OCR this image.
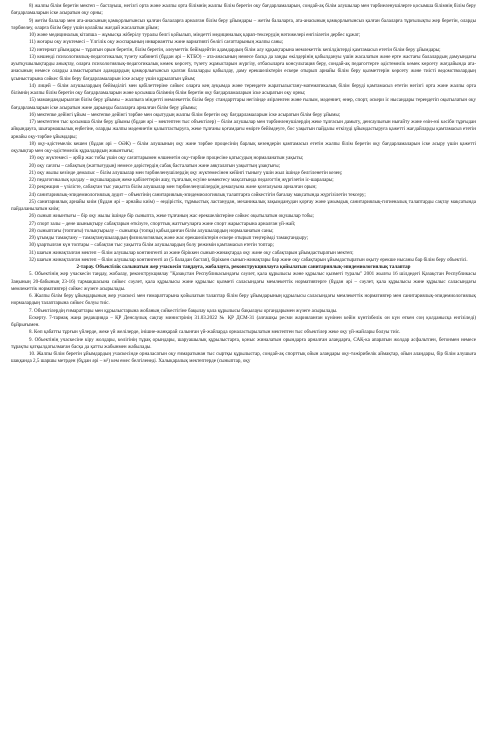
8) жалпы білім беретін мектеп – бастауыш, негізгі орта және жалпы орта білімнің жалпы білім беретін оқу бағдарламаларын, сондай-ақ білім алушылар мен тәрбиеленушілерге қосымша білімнің білім беру бағдарламаларын іске асыратын оқу орны;

9) жетім балалар мен ата-анасының қамқорлығынсыз қалған балаларға арналған білім беру ұйымдары – жетім балаларға, ата-анасының қамқорлығынсыз қалған балаларға тұрғылықты жер беретін, оларды тәрбиелеу, оларға білім беру үшін қолайлы жағдай жасалатын ұйым;

10) және медициналық кітапша – жұмысқа жіберілу туралы белгі қойылып, міндетті медициналық қарап-тексерудің нәтижелері енгізілетін дербес құжат;

11) жоғары оқу жүктемесі – Үлгілік оқу жоспарының инвариантты және вариативті бөлігі сағаттарының жалпы саны;

12) интернат ұйымдары – тұратын орын беретін, білім беретін, әлеуметтік бейімдейтін адамдардың білім алу құқықтарына мемлекеттік кепілдіктерді қамтамасыз ететін білім беру ұйымдары;

13) кешенді психологиялық-педагогикалық түзету кабинеті (бұдан әрі – КТБО) – ата-анасының немесе басқа да заңды өкілдерінің қабылдануы үшін жасалатын және ерте жастағы балалардың дамуындағы ауытқушылықтарды анықтау, оларға психологиялық-педагогикалық көмек көрсету, түзету жұмыстарын жүргізу, отбасыларға консультация беру, сондай-ақ педагогтерге әдістемелік көмек көрсету жағдайында ата-анасының немесе оларды алмастыратын адамдардың қамқорлығынсыз қалған балаларды қабылдау, даму ерекшеліктерін ескере отырып арнайы білім беру қызметтерін көрсету және тиісті ведомстволардың ұсыныстарына сәйкес білім беру бағдарламаларын іске асыру үшін құрылатын ұйым;

14) лицей – білім алушылардың бейімділігі мен қабілеттеріне сәйкес оларға кең ауқымда және тереңдете жаратылыстану-математикалық білім беруді қамтамасыз ететін негізгі орта және жалпы орта білімнің жалпы білім беретін оқу бағдарламаларын және қосымша білімнің білім беретін оқу бағдарламаларын іске асыратын оқу орны;

15) мамандандырылған білім беру ұйымы – жалпыға міндетті мемлекеттік білім беру стандарттары негізінде әзірленген және ғылым, мәдениет, өнер, спорт, әскери іс нысандары тереңдетіп оқытылатын оқу бағдарламаларын іске асыратын және дарынды балаларға арналған білім беру ұйымы;

16) мектепке дейінгі ұйым – мектепке дейінгі тәрбие мен оқытудың жалпы білім беретін оқу бағдарламаларын іске асыратын білім беру ұйымы;

17) мектептен тыс қосымша білім беру ұйымы (бұдан әрі – мектептен тыс объектілер) – білім алушылар мен тәрбиеленушілердің жеке тұлғасын дамыту, денсаулығын нығайту және өзін-өзі кәсіби тұрғыдан айқындауға, шығармашылық еңбегіне, оларды жалпы мәдениетін қалыптастыруға, жеке тұлғаны қоғамдағы өмірге бейімдеуге, бос уақытын пайдалы өткізуді ұйымдастыруға қажетті жағдайларды қамтамасыз ететін арнайы оқу-тәрбие ұйымдары;

18) оқу-әдістемелік кешен (бұдан әрі – ОӘК) – білім алушының оқу және тәрбие процесінің барлық кезеңдерін қамтамасыз ететін жалпы білім беретін оқу бағдарламаларын іске асыру үшін қажетті оқулықтар мен оқу-әдістемелік құралдардың жиынтығы;

19) оқу жүктемесі – әрбір жас тобы үшін оқу сағаттарымен өлшенетін оқу-тәрбие процесіне қатысудың нормаланатын уақыты;

20) оқу сағаты – сабақтың (жаттығудың) немесе дәрістердің сабақ басталатын және аяқталатын уақыттың ұзақтығы;

21) оқу жылы кезінде демалыс – білім алушылар мен тәрбиеленушілердің оқу жүктемесінен кейінгі тынығу үшін жыл ішінде белгіленетін кезең;

22) педагогикалық қолдау – оқушылардың жеке қабілеттерін ашу, тұлғалық өсуіне көмектесу мақсатында педагогтің жүргізетін іс-шаралары;

23) рекреация – үзілісте, сабақтан тыс уақытта білім алушылар мен тәрбиеленушілердің демалуына және қозғалуына арналған орын;

24) санитариялық-эпидемиологиялық аудит – объектінің санитариялық-эпидемиологиялық талаптарға сәйкестігін бағалау мақсатында жүргізілетін тексеру;

25) санитариялық арнайы киім (бұдан әрі – арнайы киім) – өндірістік, тұрмыстық ластанудан, механикалық зақымданудан қорғау және ұжымдық санитариялық-гигиеналық талаптарды сақтау мақсатында пайдаланылатын киім;

26) сынып жиынтығы – бір оқу жылы ішінде бір сыныпта, жеке тұлғаның жас ерекшеліктеріне сәйкес оқытылатын оқушылар тобы;

27) спорт залы – дене шынықтыру сабақтарын өткізуге, спорттық жаттығуларға және спорт жарыстарына арналған үй-жай;

28) сыныптағы (топтағы) толықтырылу – сыныпқа (топқа) қабылданған білім алушылардың нормаланатын саны;

29) ұтымды тамақтану – тамақтанушылардың физиологиялық және жас ерекшеліктерін ескере отырып теңгерімді тамақтандыру;

30) ұзартылған күн топтары – сабақтан тыс уақытта білім алушылардың болу режимін қамтамасыз ететін топтар;

31) шағын жинақталған мектеп – білім алушылар контингенті аз және біріккен сынып-жинақтарда оқу және оқу сабақтарын ұйымдастыратын мектеп;

32) шағын жинақталған мектеп – білім алушылар контингенті аз (5 баладан бастап), біріккен сынып-жинақтары бар және оқу сабақтарын ұйымдастыратын оқыту ерекше нысаны бар білім беру объектісі.

2-тарау. Объектілік салынатын жер учаскесін таңдауға, жобалауға, реконструкциялауға қойылатын санитариялық-эпидемиологиялық талаптар

5. Объектінің жер учаскесін таңдау, жобалау, реконструкциялау "Қазақстан Республикасындағы сәулет, қала құрылысы және құрылыс қызметі туралы" 2001 жылғы 16 шілдедегі Қазақстан Республикасы Заңының 20-бабының 23-16) тармақшасына сәйкес сәулет, қала құрылысы және құрылыс қызметі саласындағы мемлекеттік нормативтерге (бұдан әрі – сәулет, қала құрылысы және құрылыс саласындағы мемлекеттік нормативтер) сәйкес жүзеге асырылады.

6. Жалпы білім беру ұйымдарының жер учаскесі мен ғимараттарына қойылатын талаптар білім беру ұйымдарының құрылысы саласындағы мемлекеттік нормативтер мен санитариялық-эпидемиологиялық нормалардың талаптарына сәйкес болуы тиіс.

7. Объектілердің ғимараттары мен құрылыстарына жобаның сәйкестігіне бақылау қала құрылысы бақылауы органдарымен жүзеге асырылады.

Ескерту. 7-тармақ жаңа редакцияда – ҚР Денсаулық сақтау министрінің 31.03.2022 № ҚР ДСМ-31 (алғашқы ресми жарияланған күнінен кейін күнтізбелік он күн өткен соң қолданысқа енгізіледі) бұйрығымен.

8. Көп қабатты тұрғын үйлерде, жеке үй желілерде, інішне-жанқарай салынған үй-жайларда орналастырылатын мектептен тыс объектілер жеке оқу үй-жайлары болуы тиіс.

9. Объектінің учаскесіне кіру жолдары, көлігінің тұрақ орындары, шаруашылық құрылыстарға, қоныс жиналатын орындарға арналған алаңдарға, САҚ-ка апаратын жолдар асфальтпен, бетонмен немесе тұрақты қатқылдатылмаған басқа да қатты жабынмен жабылады.

10. Жалпы білім беретін ұйымдардың учаскесінде орналасатын оқу ғимаратынан тыс сыртқы құрылыстар, сондай-ақ спорттық ойын алаңдары оқу-тәжірибелік аймақтар, ойын алаңдары, бір білім алушыға шаққанда 2,5 шаршы метрден (бұдан әрі – м²) кем емес белгіленеді. Халықаралық мектептерде (сыныптар, оқу
